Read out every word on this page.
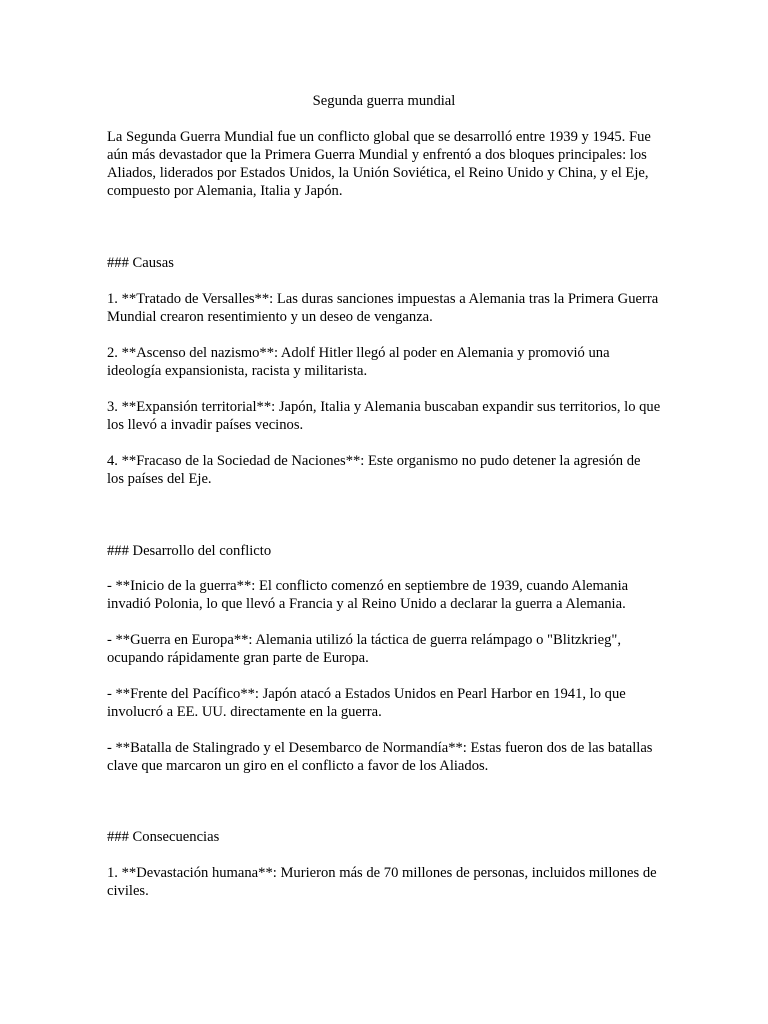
Segunda guerra mundial

La Segunda Guerra Mundial fue un conflicto global que se desarrolló entre 1939 y 1945. Fue aún más devastador que la Primera Guerra Mundial y enfrentó a dos bloques principales: los Aliados, liderados por Estados Unidos, la Unión Soviética, el Reino Unido y China, y el Eje, compuesto por Alemania, Italia y Japón.

### Causas

1. **Tratado de Versalles**: Las duras sanciones impuestas a Alemania tras la Primera Guerra Mundial crearon resentimiento y un deseo de venganza.

2. **Ascenso del nazismo**: Adolf Hitler llegó al poder en Alemania y promovió una ideología expansionista, racista y militarista.

3. **Expansión territorial**: Japón, Italia y Alemania buscaban expandir sus territorios, lo que los llevó a invadir países vecinos.

4. **Fracaso de la Sociedad de Naciones**: Este organismo no pudo detener la agresión de los países del Eje.

### Desarrollo del conflicto

- **Inicio de la guerra**: El conflicto comenzó en septiembre de 1939, cuando Alemania invadió Polonia, lo que llevó a Francia y al Reino Unido a declarar la guerra a Alemania.

- **Guerra en Europa**: Alemania utilizó la táctica de guerra relámpago o "Blitzkrieg", ocupando rápidamente gran parte de Europa.

- **Frente del Pacífico**: Japón atacó a Estados Unidos en Pearl Harbor en 1941, lo que involucró a EE. UU. directamente en la guerra.

- **Batalla de Stalingrado y el Desembarco de Normandía**: Estas fueron dos de las batallas clave que marcaron un giro en el conflicto a favor de los Aliados.

### Consecuencias

1. **Devastación humana**: Murieron más de 70 millones de personas, incluidos millones de civiles.
